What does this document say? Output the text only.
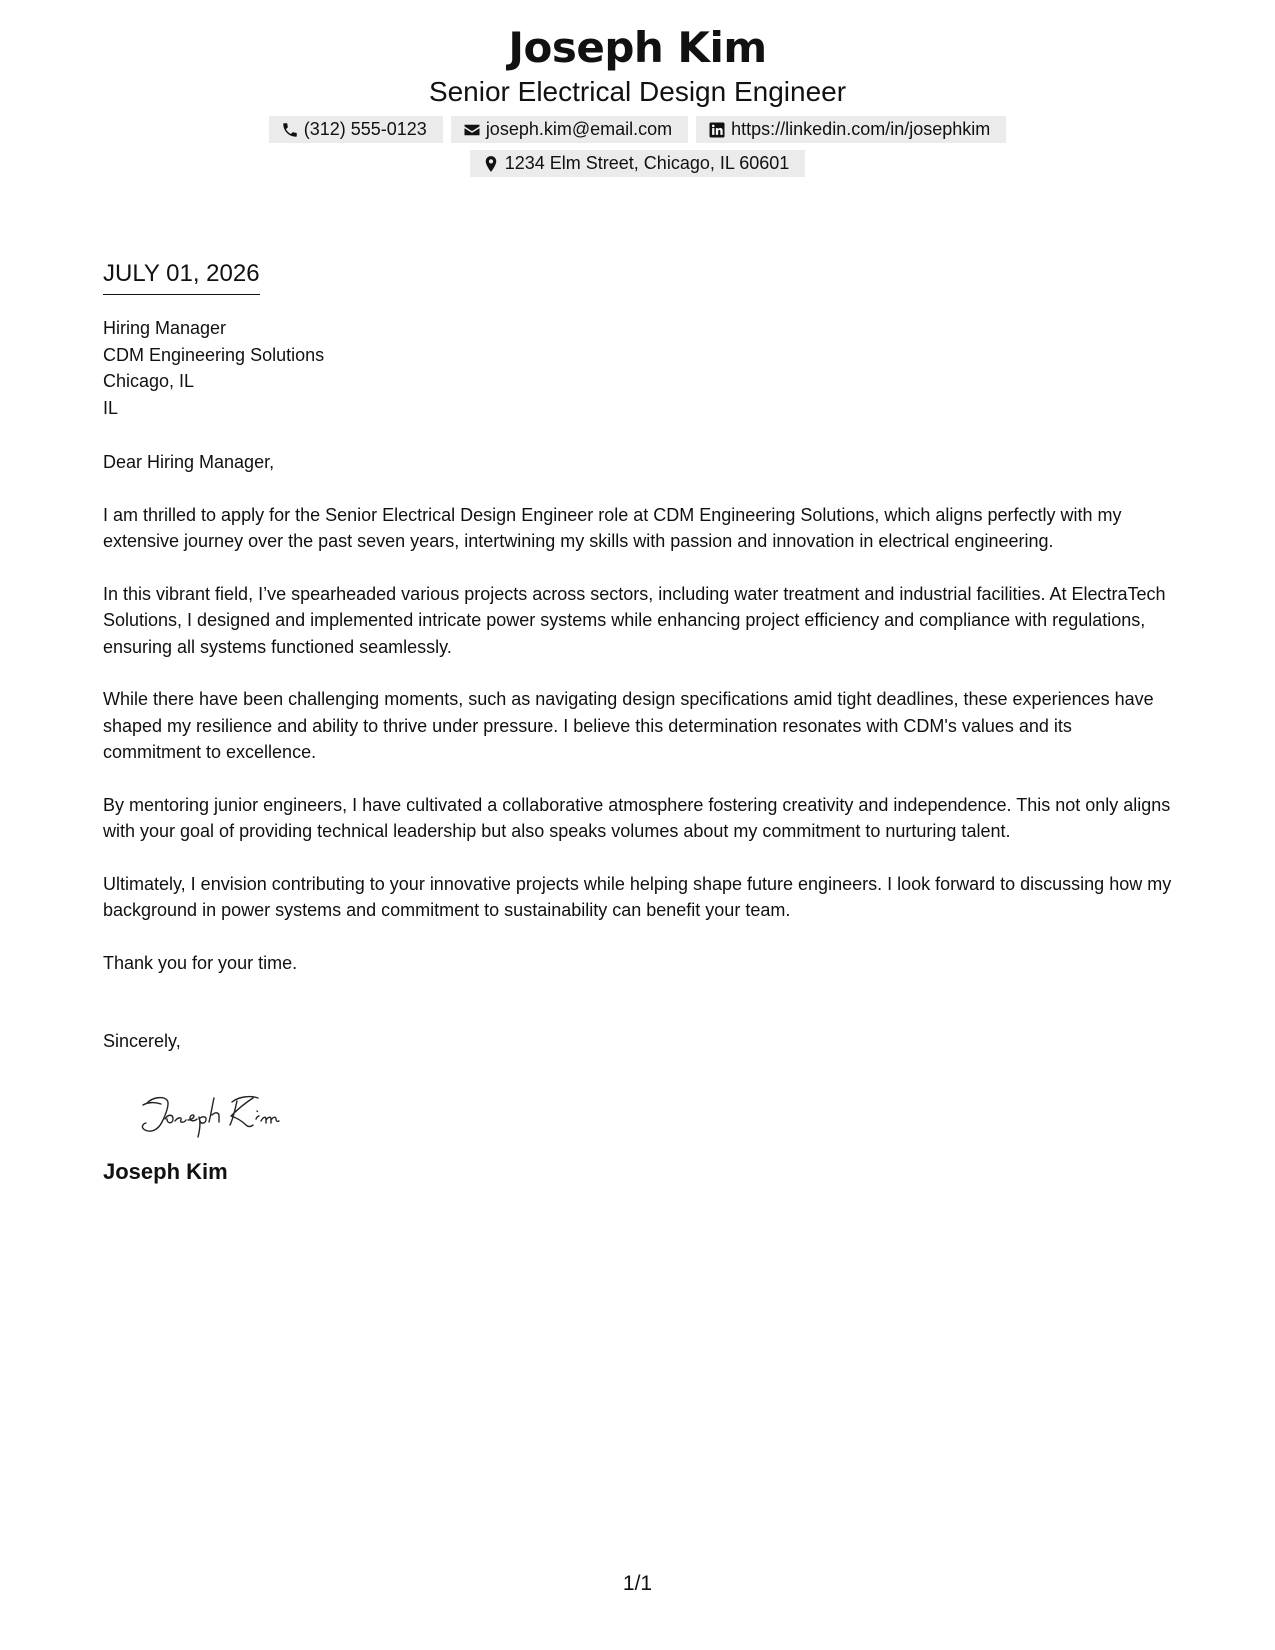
Joseph Kim
Senior Electrical Design Engineer
(312) 555-0123	joseph.kim@email.com	https://linkedin.com/in/josephkim
1234 Elm Street, Chicago, IL 60601
JULY 01, 2026
Hiring Manager
CDM Engineering Solutions
Chicago, IL
IL

Dear Hiring Manager,

I am thrilled to apply for the Senior Electrical Design Engineer role at CDM Engineering Solutions, which aligns perfectly with my extensive journey over the past seven years, intertwining my skills with passion and innovation in electrical engineering.

In this vibrant field, I’ve spearheaded various projects across sectors, including water treatment and industrial facilities. At ElectraTech Solutions, I designed and implemented intricate power systems while enhancing project efficiency and compliance with regulations, ensuring all systems functioned seamlessly.

While there have been challenging moments, such as navigating design specifications amid tight deadlines, these experiences have shaped my resilience and ability to thrive under pressure. I believe this determination resonates with CDM's values and its commitment to excellence.

By mentoring junior engineers, I have cultivated a collaborative atmosphere fostering creativity and independence. This not only aligns with your goal of providing technical leadership but also speaks volumes about my commitment to nurturing talent.

Ultimately, I envision contributing to your innovative projects while helping shape future engineers. I look forward to discussing how my background in power systems and commitment to sustainability can benefit your team.

Thank you for your time.

Sincerely,
Joseph Kim
1/1
